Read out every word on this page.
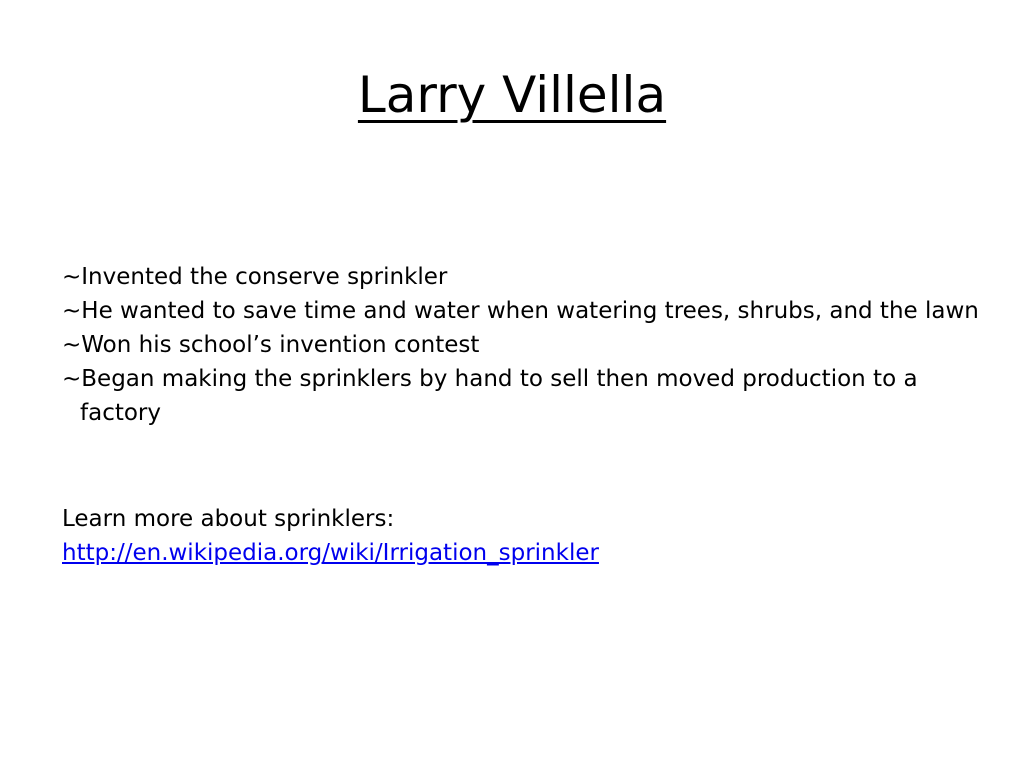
Larry Villella
~Invented the conserve sprinkler
~He wanted to save time and water when watering trees, shrubs, and the lawn
~Won his school’s invention contest
~Began making the sprinklers by hand to sell then moved production to a factory
Learn more about sprinklers:
http://en.wikipedia.org/wiki/Irrigation_sprinkler
